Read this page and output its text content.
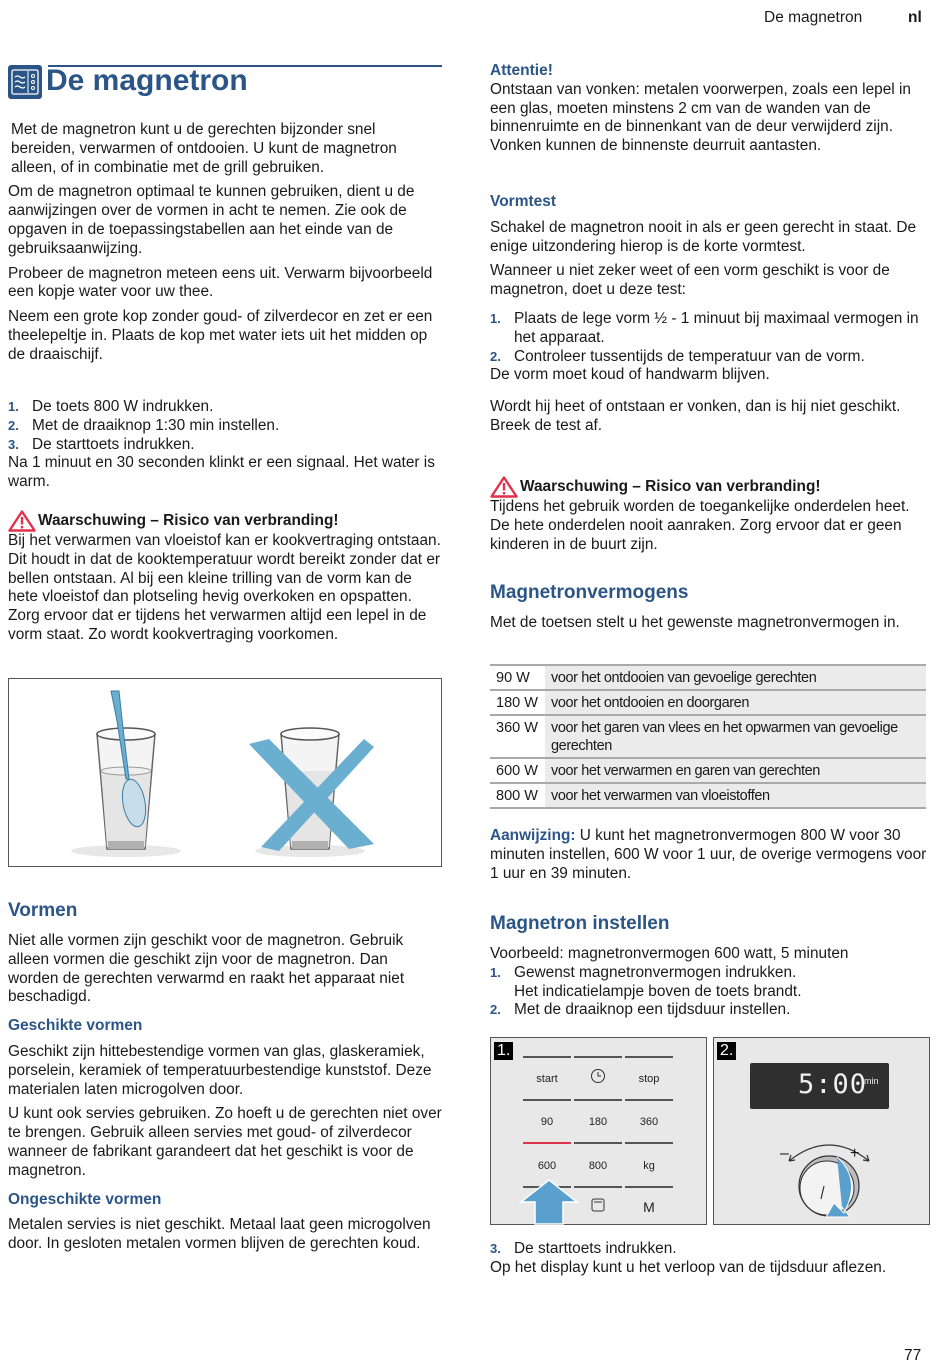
De magnetron	nl
De magnetron

Met de magnetron kunt u de gerechten bijzonder snel bereiden, verwarmen of ontdooien. U kunt de magnetron alleen, of in combinatie met de grill gebruiken.

Om de magnetron optimaal te kunnen gebruiken, dient u de aanwijzingen over de vormen in acht te nemen. Zie ook de opgaven in de toepassingstabellen aan het einde van de gebruiksaanwijzing.

Probeer de magnetron meteen eens uit. Verwarm bijvoorbeeld een kopje water voor uw thee.

Neem een grote kop zonder goud- of zilverdecor en zet er een theelepeltje in. Plaats de kop met water iets uit het midden op de draaischijf.

1. De toets 800 W indrukken.
2. Met de draaiknop 1:30 min instellen.
3. De starttoets indrukken.

Na 1 minuut en 30 seconden klinkt er een signaal. Het water is warm.

Waarschuwing – Risico van verbranding!

Bij het verwarmen van vloeistof kan er kookvertraging ontstaan. Dit houdt in dat de kooktemperatuur wordt bereikt zonder dat er bellen ontstaan. Al bij een kleine trilling van de vorm kan de hete vloeistof dan plotseling hevig overkoken en opspatten. Zorg ervoor dat er tijdens het verwarmen altijd een lepel in de vorm staat. Zo wordt kookvertraging voorkomen.

Vormen

Niet alle vormen zijn geschikt voor de magnetron. Gebruik alleen vormen die geschikt zijn voor de magnetron. Dan worden de gerechten verwarmd en raakt het apparaat niet beschadigd.

Geschikte vormen

Geschikt zijn hittebestendige vormen van glas, glaskeramiek, porselein, keramiek of temperatuurbestendige kunststof. Deze materialen laten microgolven door.

U kunt ook servies gebruiken. Zo hoeft u de gerechten niet over te brengen. Gebruik alleen servies met goud- of zilverdecor wanneer de fabrikant garandeert dat het geschikt is voor de magnetron.

Ongeschikte vormen

Metalen servies is niet geschikt. Metaal laat geen microgolven door. In gesloten metalen vormen blijven de gerechten koud.

Attentie!

Ontstaan van vonken: metalen voorwerpen, zoals een lepel in een glas, moeten minstens 2 cm van de wanden van de binnenruimte en de binnenkant van de deur verwijderd zijn. Vonken kunnen de binnenste deurruit aantasten.

Vormtest

Schakel de magnetron nooit in als er geen gerecht in staat. De enige uitzondering hierop is de korte vormtest.

Wanneer u niet zeker weet of een vorm geschikt is voor de magnetron, doet u deze test:

1. Plaats de lege vorm ½ - 1 minuut bij maximaal vermogen in het apparaat.
2. Controleer tussentijds de temperatuur van de vorm.

De vorm moet koud of handwarm blijven.

Wordt hij heet of ontstaan er vonken, dan is hij niet geschikt.

Breek de test af.

Waarschuwing – Risico van verbranding!

Tijdens het gebruik worden de toegankelijke onderdelen heet. De hete onderdelen nooit aanraken. Zorg ervoor dat er geen kinderen in de buurt zijn.

Magnetronvermogens

Met de toetsen stelt u het gewenste magnetronvermogen in.

90 W	voor het ontdooien van gevoelige gerechten
180 W	voor het ontdooien en doorgaren
360 W	voor het garen van vlees en het opwarmen van gevoelige gerechten
600 W	voor het verwarmen en garen van gerechten
800 W	voor het verwarmen van vloeistoffen

Aanwijzing: U kunt het magnetronvermogen 800 W voor 30 minuten instellen, 600 W voor 1 uur, de overige vermogens voor 1 uur en 39 minuten.

Magnetron instellen

Voorbeeld: magnetronvermogen 600 watt, 5 minuten

1. Gewenst magnetronvermogen indrukken.
Het indicatielampje boven de toets brandt.
2. Met de draaiknop een tijdsduur instellen.
1.
start	stop
90	180	360
600	800	kg
M
2.
5:00
min
–	+
3. De starttoets indrukken.

Op het display kunt u het verloop van de tijdsduur aflezen.

77
